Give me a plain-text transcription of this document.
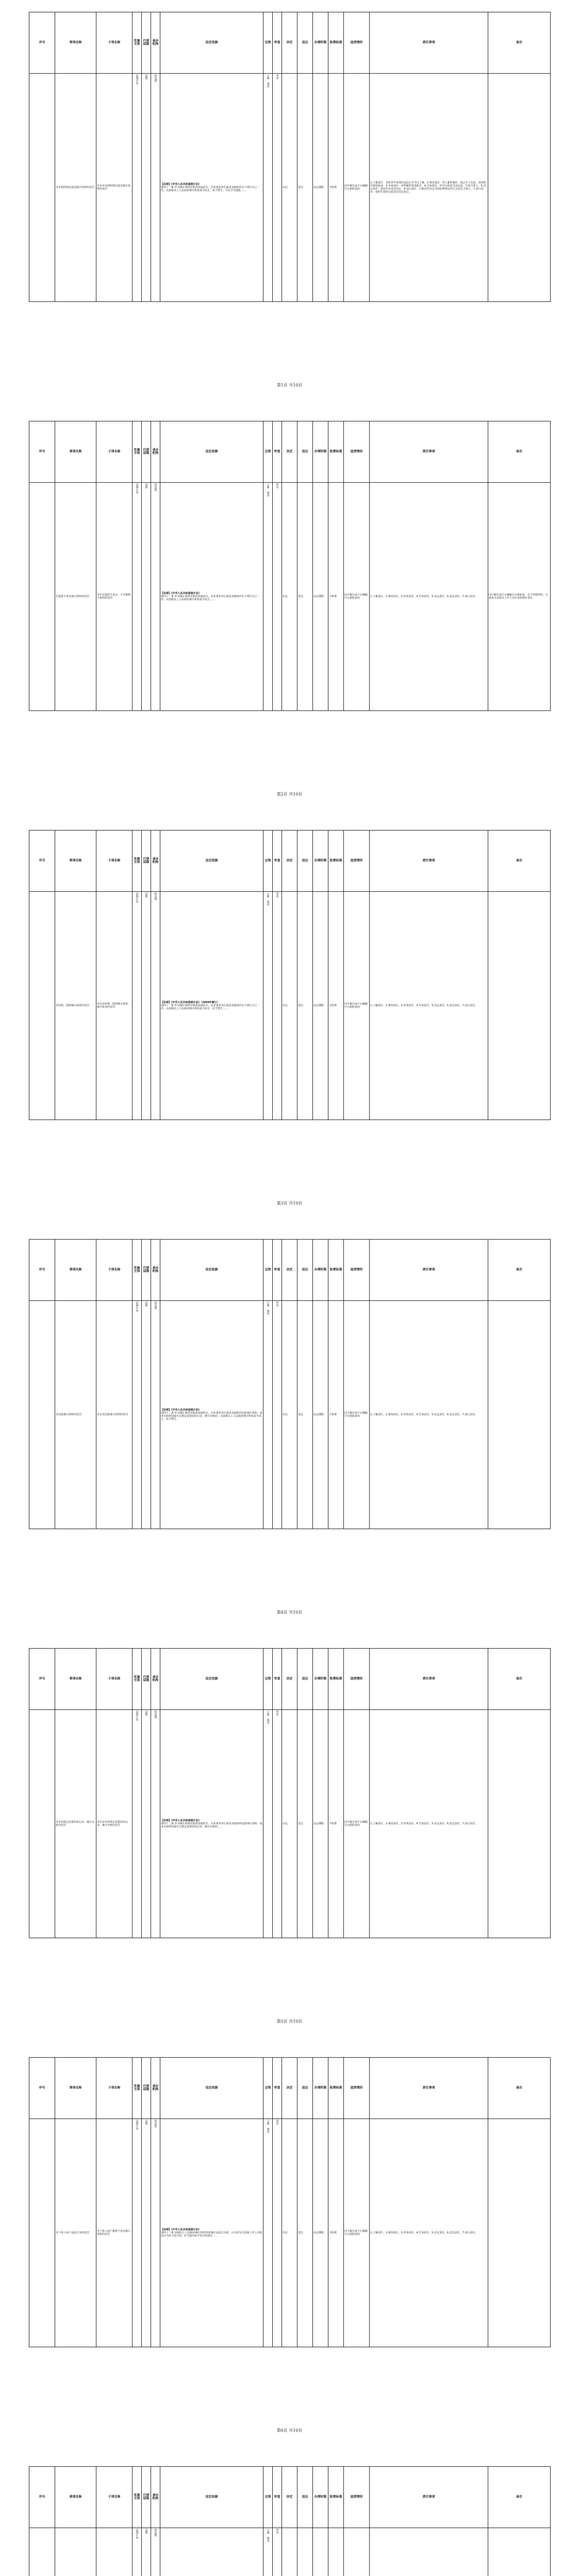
序号	事项名称	子项名称	实施主体	行使层级	承办机构	设定依据	过程	审查	决定	送达	办理时限	收费标准	追责情形	责任事项	备注
	对未按照规定报送统计资料的处罚	对企业未按照规定报送统计资料的处罚	县统计局	县级	执法股	【法律】《中华人民共和国统计法》
第四十一条 作为统计调查对象的国家机关、企业事业单位或者其他组织有下列行为之一的，由县级以上人民政府统计机构责令改正，给予警告，可以予以通报……	立案 调查	审查	决定	送达	法定期限	不收费	因不履行或不正确履行行政职责的	1.立案责任：对检查中发现的违法行为予以立案。2.调查责任：对立案的案件，指定专人负责，及时组织调查取证。3.审查责任：审理案件调查报告。4.告知责任：作出行政处罚决定前，告知当事人。5.决定责任：依法作出处罚决定。6.送达责任：行政处罚决定书按法律规定的方式送达当事人。7.执行责任：依照生效的行政处罚决定执行。	
第1页 共10页
序号	事项名称	子项名称	实施主体	行使层级	承办机构	设定依据	过程	审查	决定	送达	办理时限	收费标准	追责情形	责任事项	备注
	对提供不真实统计资料的处罚	对企业提供不真实、不完整统计资料的处罚	县统计局	县级	执法股	【法律】《中华人民共和国统计法》
第四十一条 作为统计调查对象的国家机关、企业事业单位或者其他组织有下列行为之一的，由县级以上人民政府统计机构责令改正……	立案 调查	审查	决定	送达	法定期限	不收费	因不履行或不正确履行行政职责的	1.立案责任。2.调查责任。3.审查责任。4.告知责任。5.决定责任。6.送达责任。7.执行责任。	因不履行或不正确履行行政职责，有下列情形的，行政机关及相关工作人员应承担相应责任
第2页 共10页
序号	事项名称	子项名称	实施主体	行使层级	承办机构	设定依据	过程	审查	决定	送达	办理时限	收费标准	追责情形	责任事项	备注
	对拒绝、阻碍统计调查的处罚	对企业拒绝、阻碍统计调查、统计检查的处罚	县统计局	县级	执法股	【法律】《中华人民共和国统计法》（2009年修订）
第四十一条 作为统计调查对象的国家机关、企业事业单位或者其他组织有下列行为之一的，由县级以上人民政府统计机构责令改正，给予警告……	立案 调查	审查	决定	送达	法定期限	不收费	因不履行或不正确履行行政职责的	1.立案责任。2.调查责任。3.审查责任。4.告知责任。5.决定责任。6.送达责任。7.执行责任。	
第3页 共10页
序号	事项名称	子项名称	实施主体	行使层级	承办机构	设定依据	过程	审查	决定	送达	办理时限	收费标准	追责情形	责任事项	备注
	对迟报统计资料的处罚	对企业迟报统计资料的处罚	县统计局	县级	执法股	【法律】《中华人民共和国统计法》
第四十二条 作为统计调查对象的国家机关、企业事业单位或者其他组织迟报统计资料，或者未按照国家有关规定设置原始记录、统计台账的，由县级以上人民政府统计机构责令改正，给予警告。	立案 调查	审查	决定	送达	法定期限	不收费	因不履行或不正确履行行政职责的	1.立案责任。2.调查责任。3.审查责任。4.告知责任。5.决定责任。6.送达责任。7.执行责任。	
第4页 共10页
序号	事项名称	子项名称	实施主体	行使层级	承办机构	设定依据	过程	审查	决定	送达	办理时限	收费标准	追责情形	责任事项	备注
	对未按规定设置原始记录、统计台账的处罚	对企业未按规定设置原始记录、统计台账的处罚	县统计局	县级	执法股	【法律】《中华人民共和国统计法》
第四十二条 作为统计调查对象的国家机关、企业事业单位或者其他组织迟报统计资料，或者未按照国家有关规定设置原始记录、统计台账的……	立案 调查	审查	决定	送达	法定期限	不收费	因不履行或不正确履行行政职责的	1.立案责任。2.调查责任。3.审查责任。4.告知责任。5.决定责任。6.送达责任。7.执行责任。	
第5页 共10页
序号	事项名称	子项名称	实施主体	行使层级	承办机构	设定依据	过程	审查	决定	送达	办理时限	收费标准	追责情形	责任事项	备注
	对个体工商户违法行为的处罚	对个体工商户提供不真实统计资料的处罚	县统计局	县级	执法股	【法律】《中华人民共和国统计法》
第四十三条 县级以上人民政府统计机构查处统计违法行为时，认为对有关国家工作人员依法应当给予处分的，应当提出给予处分的建议……	立案 调查	审查	决定	送达	法定期限	不收费	因不履行或不正确履行行政职责的	1.立案责任。2.调查责任。3.审查责任。4.告知责任。5.决定责任。6.送达责任。7.执行责任。	
第6页 共10页
序号	事项名称	子项名称	实施主体	行使层级	承办机构	设定依据	过程	审查	决定	送达	办理时限	收费标准	追责情形	责任事项	备注
			县统计局	县级	执法股		立案 调查	审查							
